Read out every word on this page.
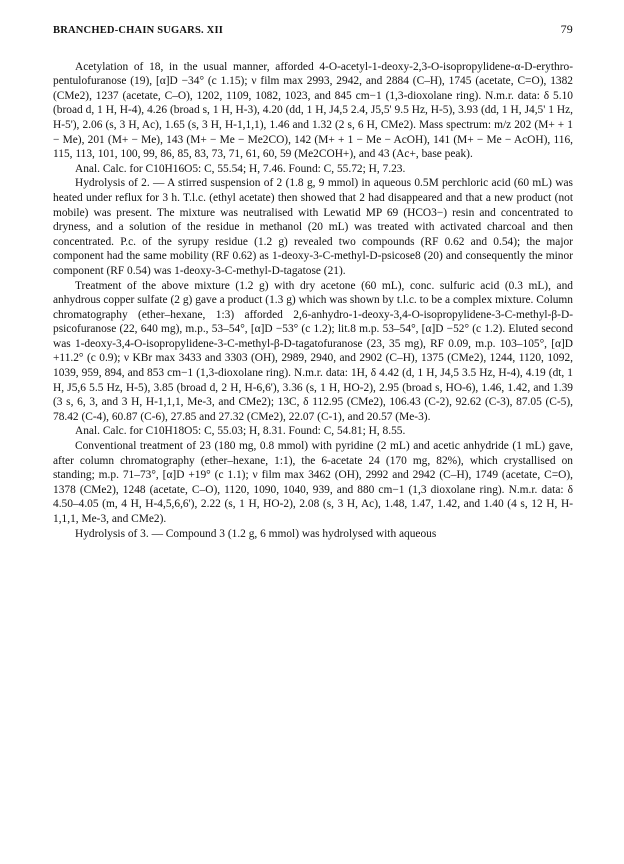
BRANCHED-CHAIN SUGARS. XII	79

Acetylation of 18, in the usual manner, afforded 4-O-acetyl-1-deoxy-2,3-O-isopropylidene-α-D-erythro-pentulofuranose (19), [α]D −34° (c 1.15); ν film max 2993, 2942, and 2884 (C–H), 1745 (acetate, C=O), 1382 (CMe2), 1237 (acetate, C–O), 1202, 1109, 1082, 1023, and 845 cm−1 (1,3-dioxolane ring). N.m.r. data: δ 5.10 (broad d, 1 H, H-4), 4.26 (broad s, 1 H, H-3), 4.20 (dd, 1 H, J4,5 2.4, J5,5' 9.5 Hz, H-5), 3.93 (dd, 1 H, J4,5' 1 Hz, H-5'), 2.06 (s, 3 H, Ac), 1.65 (s, 3 H, H-1,1,1), 1.46 and 1.32 (2 s, 6 H, CMe2). Mass spectrum: m/z 202 (M+ + 1 − Me), 201 (M+ − Me), 143 (M+ − Me − Me2CO), 142 (M+ + 1 − Me − AcOH), 141 (M+ − Me − AcOH), 116, 115, 113, 101, 100, 99, 86, 85, 83, 73, 71, 61, 60, 59 (Me2COH+), and 43 (Ac+, base peak).

Anal. Calc. for C10H16O5: C, 55.54; H, 7.46. Found: C, 55.72; H, 7.23.

Hydrolysis of 2. — A stirred suspension of 2 (1.8 g, 9 mmol) in aqueous 0.5M perchloric acid (60 mL) was heated under reflux for 3 h. T.l.c. (ethyl acetate) then showed that 2 had disappeared and that a new product (not mobile) was present. The mixture was neutralised with Lewatid MP 69 (HCO3−) resin and concentrated to dryness, and a solution of the residue in methanol (20 mL) was treated with activated charcoal and then concentrated. P.c. of the syrupy residue (1.2 g) revealed two compounds (RF 0.62 and 0.54); the major component had the same mobility (RF 0.62) as 1-deoxy-3-C-methyl-D-psicose8 (20) and consequently the minor component (RF 0.54) was 1-deoxy-3-C-methyl-D-tagatose (21).

Treatment of the above mixture (1.2 g) with dry acetone (60 mL), conc. sulfuric acid (0.3 mL), and anhydrous copper sulfate (2 g) gave a product (1.3 g) which was shown by t.l.c. to be a complex mixture. Column chromatography (ether–hexane, 1:3) afforded 2,6-anhydro-1-deoxy-3,4-O-isopropylidene-3-C-methyl-β-D-psicofuranose (22, 640 mg), m.p., 53–54°, [α]D −53° (c 1.2); lit.8 m.p. 53–54°, [α]D −52° (c 1.2). Eluted second was 1-deoxy-3,4-O-isopropylidene-3-C-methyl-β-D-tagatofuranose (23, 35 mg), RF 0.09, m.p. 103–105°, [α]D +11.2° (c 0.9); ν KBr max 3433 and 3303 (OH), 2989, 2940, and 2902 (C–H), 1375 (CMe2), 1244, 1120, 1092, 1039, 959, 894, and 853 cm−1 (1,3-dioxolane ring). N.m.r. data: 1H, δ 4.42 (d, 1 H, J4,5 3.5 Hz, H-4), 4.19 (dt, 1 H, J5,6 5.5 Hz, H-5), 3.85 (broad d, 2 H, H-6,6'), 3.36 (s, 1 H, HO-2), 2.95 (broad s, HO-6), 1.46, 1.42, and 1.39 (3 s, 6, 3, and 3 H, H-1,1,1, Me-3, and CMe2); 13C, δ 112.95 (CMe2), 106.43 (C-2), 92.62 (C-3), 87.05 (C-5), 78.42 (C-4), 60.87 (C-6), 27.85 and 27.32 (CMe2), 22.07 (C-1), and 20.57 (Me-3).

Anal. Calc. for C10H18O5: C, 55.03; H, 8.31. Found: C, 54.81; H, 8.55.

Conventional treatment of 23 (180 mg, 0.8 mmol) with pyridine (2 mL) and acetic anhydride (1 mL) gave, after column chromatography (ether–hexane, 1:1), the 6-acetate 24 (170 mg, 82%), which crystallised on standing; m.p. 71–73°, [α]D +19° (c 1.1); ν film max 3462 (OH), 2992 and 2942 (C–H), 1749 (acetate, C=O), 1378 (CMe2), 1248 (acetate, C–O), 1120, 1090, 1040, 939, and 880 cm−1 (1,3 dioxolane ring). N.m.r. data: δ 4.50–4.05 (m, 4 H, H-4,5,6,6'), 2.22 (s, 1 H, HO-2), 2.08 (s, 3 H, Ac), 1.48, 1.47, 1.42, and 1.40 (4 s, 12 H, H-1,1,1, Me-3, and CMe2).

Hydrolysis of 3. — Compound 3 (1.2 g, 6 mmol) was hydrolysed with aqueous
